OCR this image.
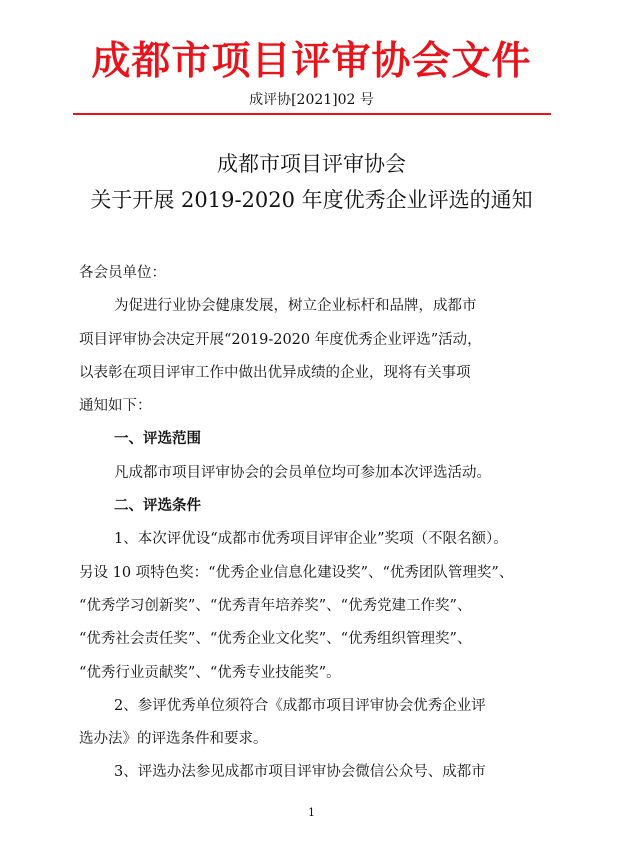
成都市项目评审协会文件
成评协[2021]02 号
成都市项目评审协会
关于开展 2019-2020 年度优秀企业评选的通知

各会员单位：

为促进行业协会健康发展，树立企业标杆和品牌，成都市

项目评审协会决定开展“2019-2020 年度优秀企业评选”活动，

以表彰在项目评审工作中做出优异成绩的企业，现将有关事项

通知如下：

一、评选范围

凡成都市项目评审协会的会员单位均可参加本次评选活动。

二、评选条件

1、本次评优设“成都市优秀项目评审企业”奖项（不限名额）。

另设 10 项特色奖：“优秀企业信息化建设奖”、“优秀团队管理奖”、

“优秀学习创新奖”、“优秀青年培养奖”、“优秀党建工作奖”、

“优秀社会责任奖”、“优秀企业文化奖”、“优秀组织管理奖”、

“优秀行业贡献奖”、“优秀专业技能奖”。

2、参评优秀单位须符合《成都市项目评审协会优秀企业评

选办法》的评选条件和要求。

3、评选办法参见成都市项目评审协会微信公众号、成都市

1
